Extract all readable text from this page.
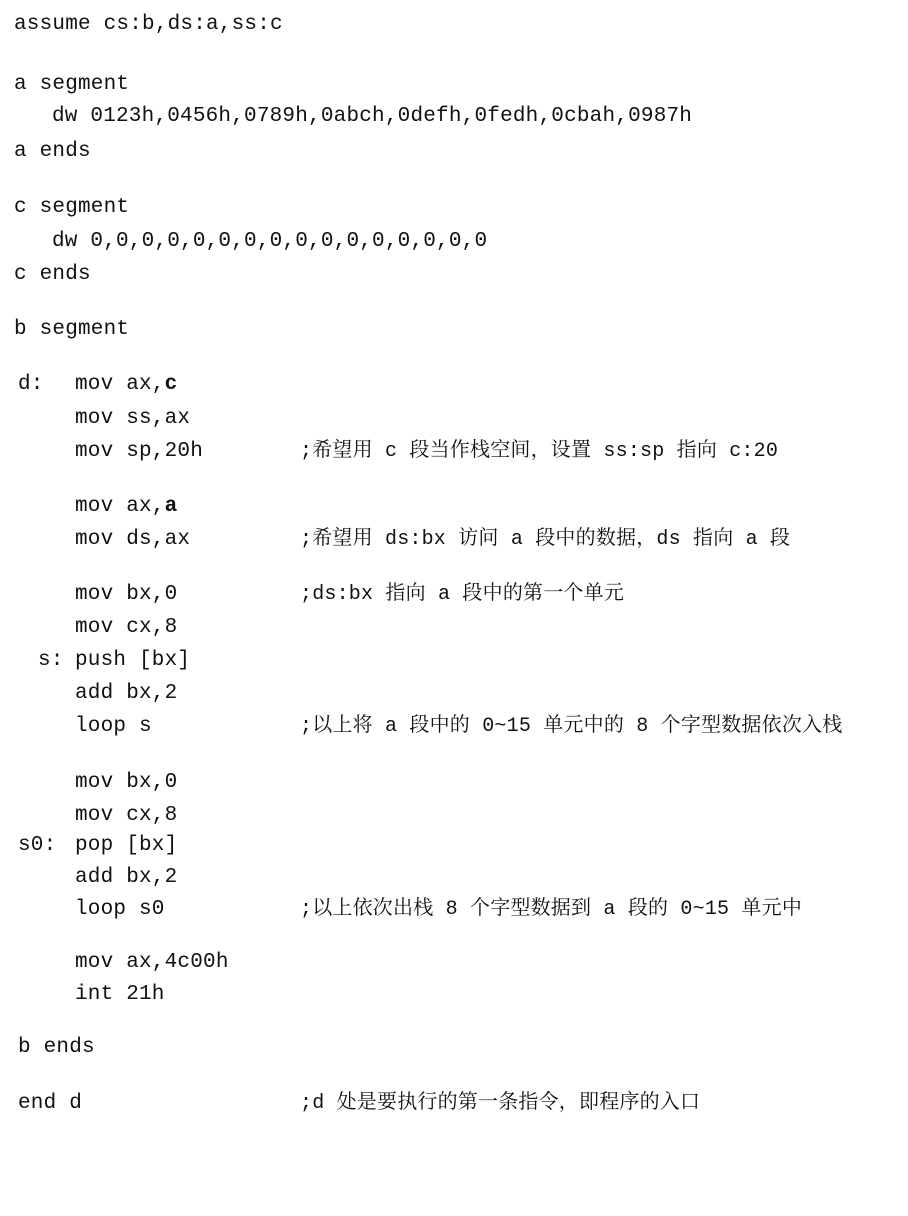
assume cs:b,ds:a,ss:c

a segment

dw 0123h,0456h,0789h,0abch,0defh,0fedh,0cbah,0987h

a ends

c segment

dw 0,0,0,0,0,0,0,0,0,0,0,0,0,0,0,0

c ends

b segment

d:

mov ax,c

mov ss,ax

mov sp,20h

	;希望用 c 段当作栈空间，设置 ss:sp 指向 c:20

mov ax,a

mov ds,ax

	;希望用 ds:bx 访问 a 段中的数据，ds 指向 a 段

mov bx,0

	;ds:bx 指向 a 段中的第一个单元

mov cx,8

s:

push [bx]

add bx,2

loop s

	;以上将 a 段中的 0~15 单元中的 8 个字型数据依次入栈

mov bx,0

mov cx,8

s0:

pop [bx]

add bx,2

loop s0

	;以上依次出栈 8 个字型数据到 a 段的 0~15 单元中

mov ax,4c00h

int 21h

b ends

end d

	;d 处是要执行的第一条指令，即程序的入口
